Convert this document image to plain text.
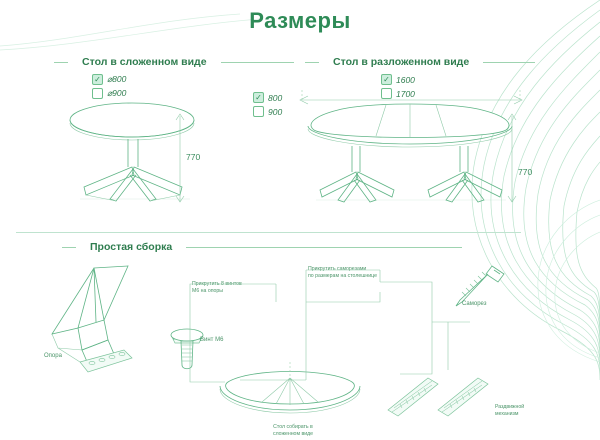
Размеры
Стол в сложенном виде
✓ ⌀800
⌀900
770
Стол в разложенном виде
✓ 1600
1700
✓ 800
900
770
Простая сборка
Опора
Винт М6
Саморез
Стол собирать в
сложенном виде
Раздвижной
механизм
Прикрутить 8 винтов
М6 на опоры
Прикрутить саморезами
по размерам на столешнице
